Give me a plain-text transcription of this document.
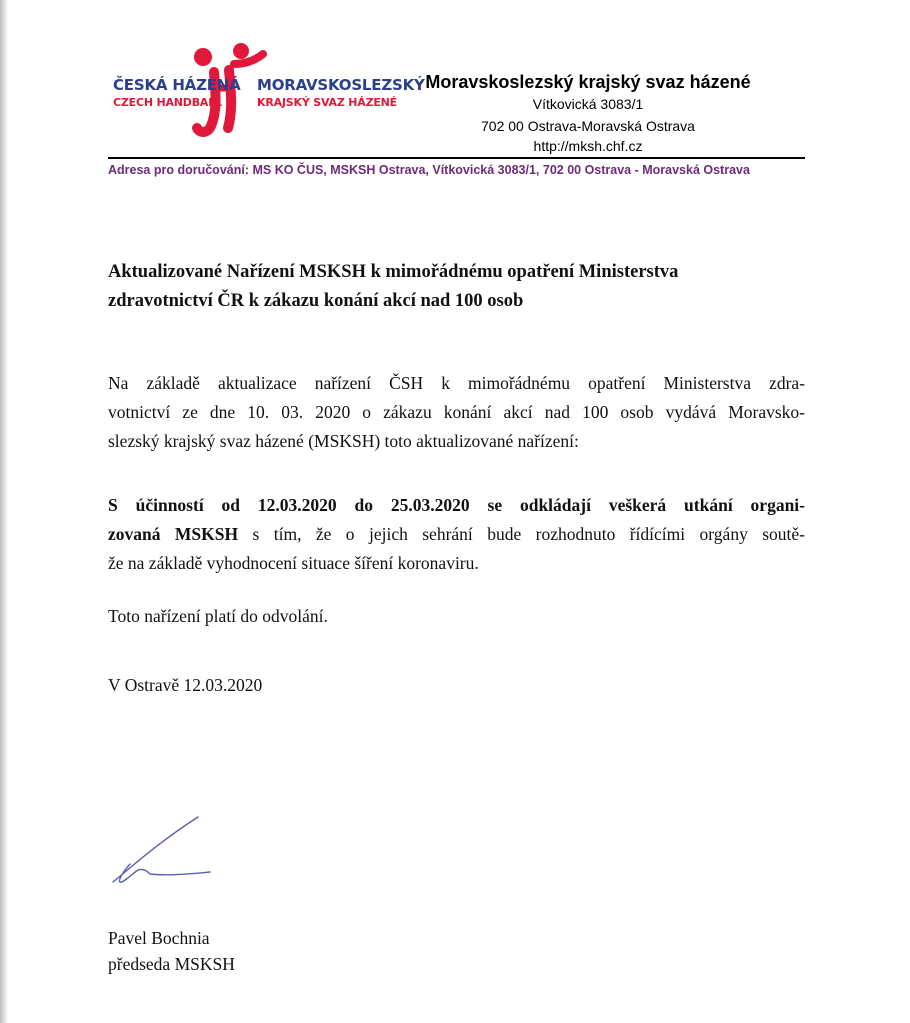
ČESKÁ HÁZENÁ
CZECH HANDBALL
MORAVSKOSLEZSKÝ
KRAJSKÝ SVAZ HÁZENÉ
Moravskoslezský krajský svaz házené
Vítkovická 3083/1
702 00 Ostrava-Moravská Ostrava
http://mksh.chf.cz
Adresa pro doručování: MS KO ČUS, MSKSH Ostrava, Vítkovická 3083/1, 702 00 Ostrava - Moravská Ostrava
Aktualizované Nařízení MSKSH k mimořádnému opatření Ministerstva
zdravotnictví ČR k zákazu konání akcí nad 100 osob
Na základě aktualizace nařízení ČSH k mimořádnému opatření Ministerstva zdra-
votnictví ze dne 10. 03. 2020 o zákazu konání akcí nad 100 osob vydává Moravsko-
slezský krajský svaz házené (MSKSH) toto aktualizované nařízení:
S účinností od 12.03.2020 do 25.03.2020 se odkládají veškerá utkání organi-
zovaná MSKSH s tím, že o jejich sehrání bude rozhodnuto řídícími orgány soutě-
že na základě vyhodnocení situace šíření koronaviru.
Toto nařízení platí do odvolání.
V Ostravě 12.03.2020
Pavel Bochnia
předseda MSKSH
